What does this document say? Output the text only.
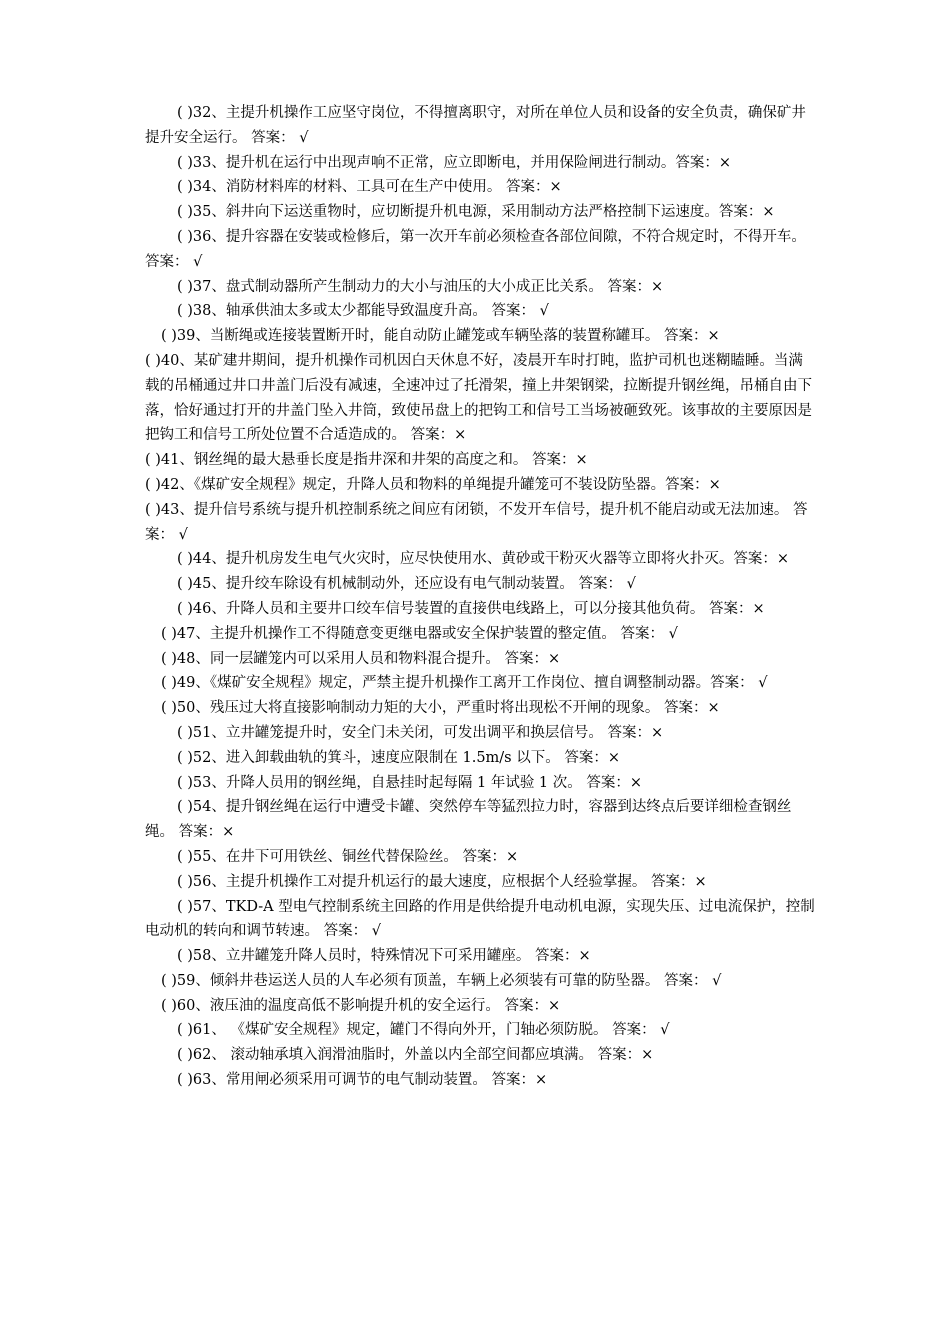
( )32、主提升机操作工应坚守岗位，不得擅离职守，对所在单位人员和设备的安全负责，确保矿井提升安全运行。 答案： √

( )33、提升机在运行中出现声响不正常，应立即断电，并用保险闸进行制动。答案：×

( )34、消防材料库的材料、工具可在生产中使用。 答案：×

( )35、斜井向下运送重物时，应切断提升机电源，采用制动方法严格控制下运速度。答案：×

( )36、提升容器在安装或检修后，第一次开车前必须检查各部位间隙，不符合规定时，不得开车。 答案： √

( )37、盘式制动器所产生制动力的大小与油压的大小成正比关系。 答案：×

( )38、轴承供油太多或太少都能导致温度升高。 答案： √

( )39、当断绳或连接装置断开时，能自动防止罐笼或车辆坠落的装置称罐耳。 答案：×

( )40、某矿建井期间，提升机操作司机因白天休息不好，凌晨开车时打盹，监护司机也迷糊瞌睡。当满载的吊桶通过井口井盖门后没有减速，全速冲过了托滑架，撞上井架钢梁，拉断提升钢丝绳，吊桶自由下落，恰好通过打开的井盖门坠入井筒，致使吊盘上的把钩工和信号工当场被砸致死。该事故的主要原因是把钩工和信号工所处位置不合适造成的。 答案：×

( )41、钢丝绳的最大悬垂长度是指井深和井架的高度之和。 答案：×

( )42、《煤矿安全规程》规定，升降人员和物料的单绳提升罐笼可不装设防坠器。答案：×

( )43、提升信号系统与提升机控制系统之间应有闭锁，不发开车信号，提升机不能启动或无法加速。 答案： √

( )44、提升机房发生电气火灾时，应尽快使用水、黄砂或干粉灭火器等立即将火扑灭。答案：×

( )45、提升绞车除设有机械制动外，还应设有电气制动装置。 答案： √

( )46、升降人员和主要井口绞车信号装置的直接供电线路上，可以分接其他负荷。 答案：×

( )47、主提升机操作工不得随意变更继电器或安全保护装置的整定值。 答案： √

( )48、同一层罐笼内可以采用人员和物料混合提升。 答案：×

( )49、《煤矿安全规程》规定，严禁主提升机操作工离开工作岗位、擅自调整制动器。答案： √

( )50、残压过大将直接影响制动力矩的大小，严重时将出现松不开闸的现象。 答案：×

( )51、立井罐笼提升时，安全门未关闭，可发出调平和换层信号。 答案：×

( )52、进入卸载曲轨的箕斗，速度应限制在 1.5m/s 以下。 答案：×

( )53、升降人员用的钢丝绳，自悬挂时起每隔 1 年试验 1 次。 答案：×

( )54、提升钢丝绳在运行中遭受卡罐、突然停车等猛烈拉力时，容器到达终点后要详细检查钢丝绳。 答案：×

( )55、在井下可用铁丝、铜丝代替保险丝。 答案：×

( )56、主提升机操作工对提升机运行的最大速度，应根据个人经验掌握。 答案：×

( )57、TKD-A 型电气控制系统主回路的作用是供给提升电动机电源，实现失压、过电流保护，控制电动机的转向和调节转速。 答案： √

( )58、立井罐笼升降人员时，特殊情况下可采用罐座。 答案：×

( )59、倾斜井巷运送人员的人车必须有顶盖，车辆上必须装有可靠的防坠器。 答案： √

( )60、液压油的温度高低不影响提升机的安全运行。 答案：×

( )61、 《煤矿安全规程》规定，罐门不得向外开，门轴必须防脱。 答案： √

( )62、 滚动轴承填入润滑油脂时，外盖以内全部空间都应填满。 答案：×

( )63、常用闸必须采用可调节的电气制动装置。 答案：×
